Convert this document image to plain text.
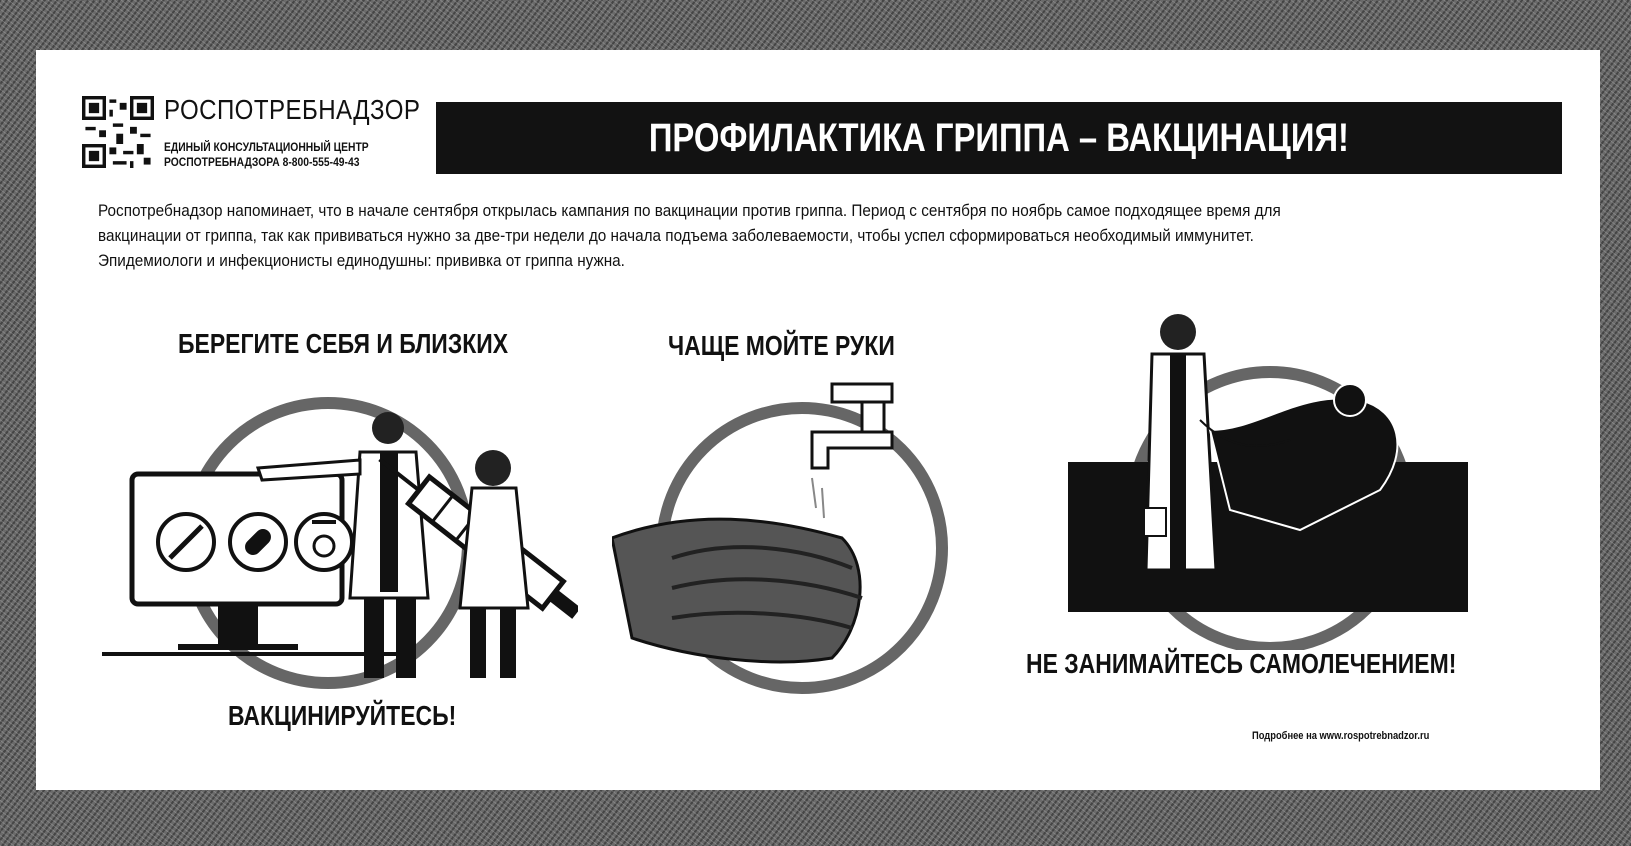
РОСПОТРЕБНАДЗОР
ЕДИНЫЙ КОНСУЛЬТАЦИОННЫЙ ЦЕНТР
РОСПОТРЕБНАДЗОРА 8-800-555-49-43
ПРОФИЛАКТИКА ГРИППА – ВАКЦИНАЦИЯ!

Роспотребнадзор напоминает, что в начале сентября открылась кампания по вакцинации против гриппа. Период с сентября по ноябрь самое подходящее время для

вакцинации от гриппа, так как прививаться нужно за две-три недели до начала подъема заболеваемости, чтобы успел сформироваться необходимый иммунитет.

Эпидемиологи и инфекционисты единодушны: прививка от гриппа нужна.

БЕРЕГИТЕ СЕБЯ И БЛИЗКИХ	ЧАЩЕ МОЙТЕ РУКИ
ВАКЦИНИРУЙТЕСЬ!
НЕ ЗАНИМАЙТЕСЬ САМОЛЕЧЕНИЕМ!
Подробнее на www.rospotrebnadzor.ru
